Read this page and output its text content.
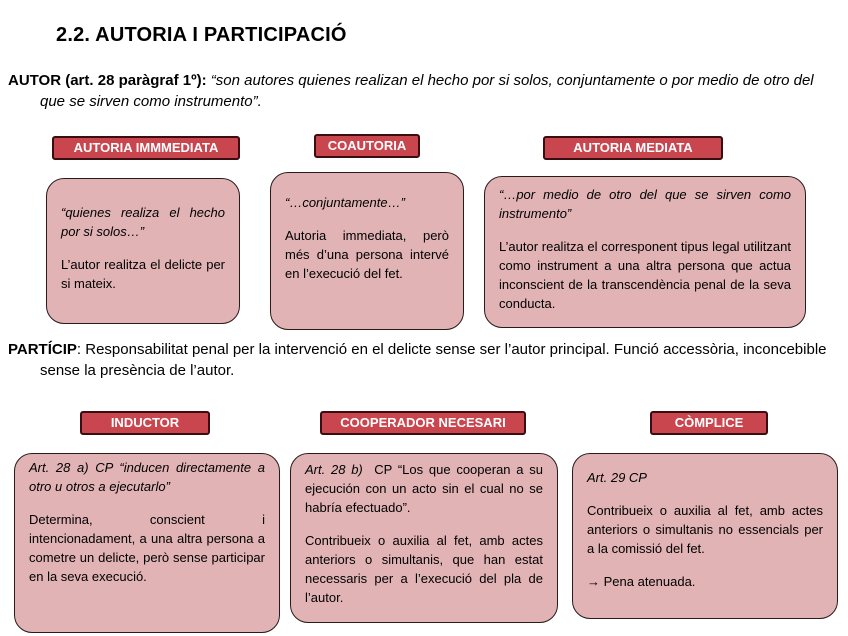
2.2. AUTORIA I PARTICIPACIÓ
AUTOR (art. 28 paràgraf 1º): “son autores quienes realizan el hecho por si solos, conjuntamente o por medio de otro del que se sirven como instrumento”.
AUTORIA IMMMEDIATA	COAUTORIA	AUTORIA MEDIATA

“quienes realiza el hecho por si solos…”

L’autor realitza el delicte per si mateix.

“…conjuntamente…”

Autoria immediata, però més d’una persona intervé en l’execució del fet.

“…por medio de otro del que se sirven como instrumento”

L’autor realitza el corresponent tipus legal utilitzant como instrument a una altra persona que actua inconscient de la transcendència penal de la seva conducta.

PARTÍCIP: Responsabilitat penal per la intervenció en el delicte sense ser l’autor principal. Funció accessòria, inconcebible sense la presència de l’autor.
INDUCTOR	COOPERADOR NECESARI	CÒMPLICE

Art. 28 a) CP “inducen directamente a otro u otros a ejecutarlo”

Determina, conscient i intencionadament, a una altra persona a cometre un delicte, però sense participar en la seva execució.

Art. 28 b) CP “Los que cooperan a su ejecución con un acto sin el cual no se habría efectuado”.

Contribueix o auxilia al fet, amb actes anteriors o simultanis, que han estat necessaris per a l’execució del pla de l’autor.

Art. 29 CP

Contribueix o auxilia al fet, amb actes anteriors o simultanis no essencials per a la comissió del fet.

→ Pena atenuada.
